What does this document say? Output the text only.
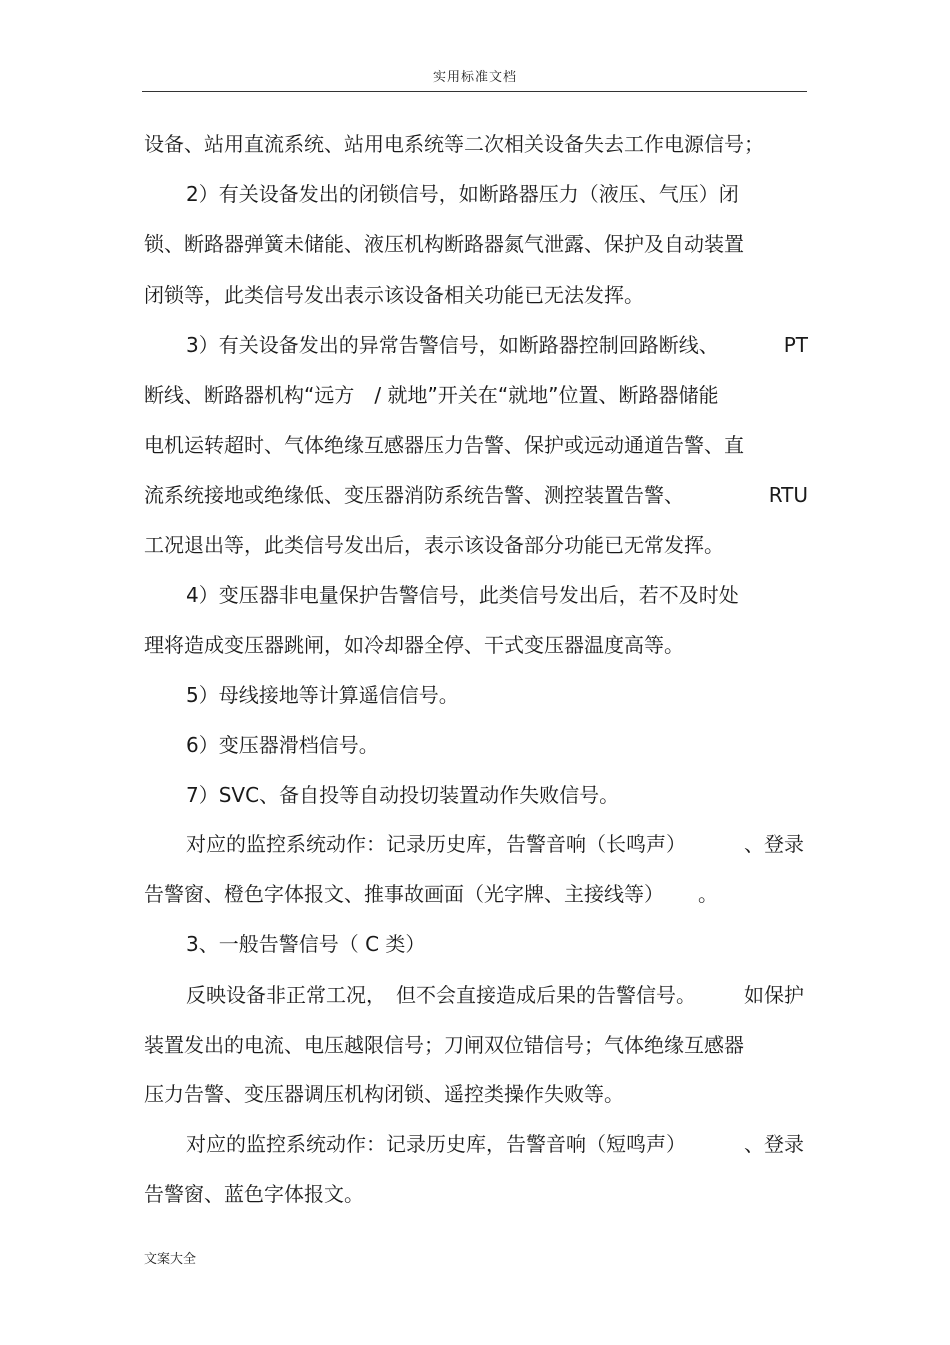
实用标准文档
设备、站用直流系统、站用电系统等二次相关设备失去工作电源信号；
2）有关设备发出的闭锁信号，如断路器压力（液压、气压）闭
锁、断路器弹簧未储能、液压机构断路器氮气泄露、保护及自动装置
闭锁等，此类信号发出表示该设备相关功能已无法发挥。
3）有关设备发出的异常告警信号，如断路器控制回路断线、	PT
断线、断路器机构“远方　/ 就地”开关在“就地”位置、断路器储能
电机运转超时、气体绝缘互感器压力告警、保护或远动通道告警、直
流系统接地或绝缘低、变压器消防系统告警、测控装置告警、	RTU
工况退出等，此类信号发出后，表示该设备部分功能已无常发挥。
4）变压器非电量保护告警信号，此类信号发出后，若不及时处
理将造成变压器跳闸，如冷却器全停、干式变压器温度高等。
5）母线接地等计算遥信信号。
6）变压器滑档信号。
7）SVC、备自投等自动投切装置动作失败信号。
对应的监控系统动作：记录历史库，告警音响（长鸣声）	、登录
告警窗、橙色字体报文、推事故画面（光字牌、主接线等） 。
3、一般告警信号（ C 类）
反映设备非正常工况，　但不会直接造成后果的告警信号。 如保护
装置发出的电流、电压越限信号；刀闸双位错信号；气体绝缘互感器
压力告警、变压器调压机构闭锁、遥控类操作失败等。
对应的监控系统动作：记录历史库，告警音响（短鸣声）	、登录
告警窗、蓝色字体报文。
文案大全
